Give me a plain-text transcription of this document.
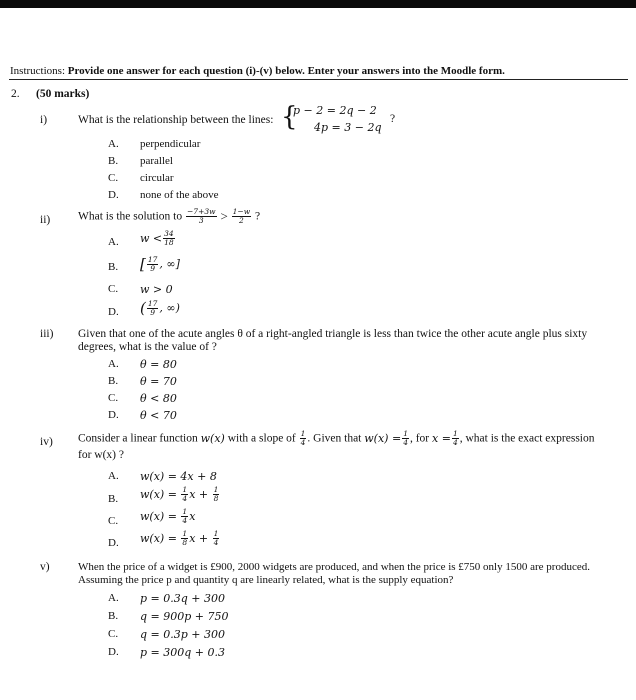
Instructions: Provide one answer for each question (i)-(v) below. Enter your answers into the Moodle form.
2. (50 marks)
i)	What is the relationship between the lines: {
p − 2 = 2q − 2
4p = 3 − 2q
?
A. perpendicular
B. parallel
C. circular
D. none of the above
ii) What is the solution to $\frac{-7+3w}{3} > \frac{1-w}{2}$ ?
A. $w < \frac{34}{18}$
B. [ $\frac{17}{9}$ , ∞]
C. w > 0
D. ( $\frac{17}{9}$ , ∞)
iii) Given that one of the acute angles θ of a right-angled triangle is less than twice the other acute angle plus sixty
degrees, what is the value of ?
A. θ = 80
B. θ = 70
C. θ < 80
D. θ < 70
iv) Consider a linear function w(x) with a slope of $\frac{1}{4}$ . Given that $w(x) = \frac{1}{4}$ , for $x = \frac{1}{4}$ , what is the exact expression
for w(x) ?
A. w(x) = 4x + 8
B. $w(x) = \frac{1}{4}$ $x + \frac{1}{8}$
C. $w(x) = \frac{1}{4}$ x
D. $w(x) = \frac{1}{8}$ $x + \frac{1}{4}$
v)	When the price of a widget is £900, 2000 widgets are produced, and when the price is £750 only 1500 are produced.
Assuming the price p and quantity q are linearly related, what is the supply equation?
A. p = 0.3q + 300
B. q = 900p + 750
C. q = 0.3p + 300
D. p = 300q + 0.3
